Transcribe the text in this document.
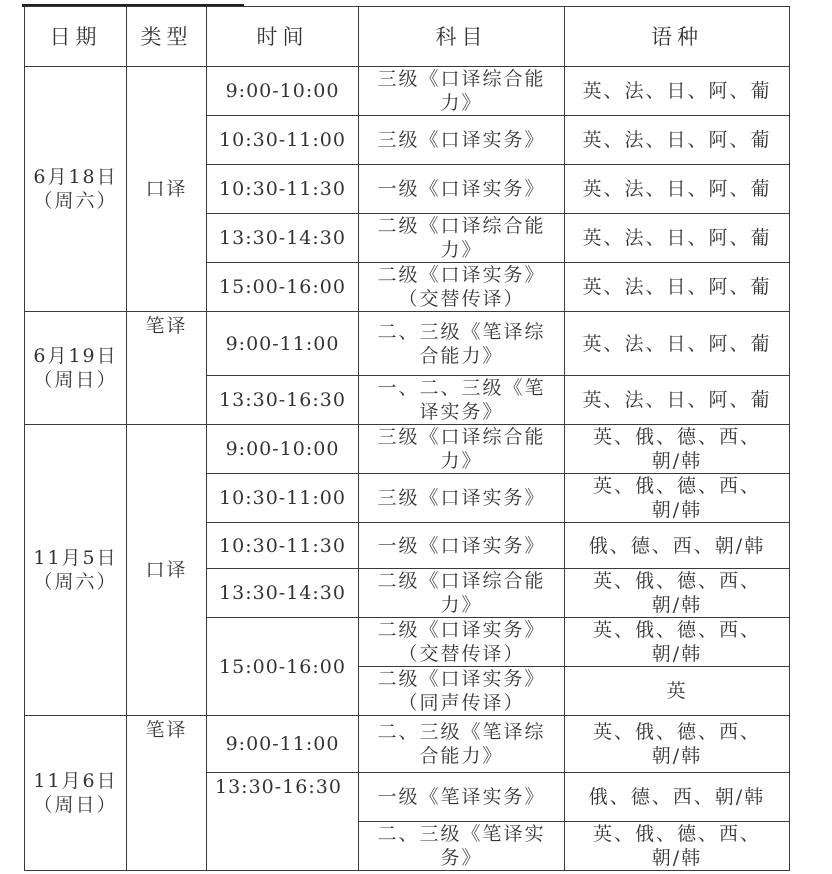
日期	类型	时间	科目	语种

6月18日
（周六）	口译	9:00-10:00	三级《口译综合能力》	英、法、日、阿、葡
		10:30-11:00	三级《口译实务》	英、法、日、阿、葡
		10:30-11:30	一级《口译实务》	英、法、日、阿、葡
		13:30-14:30	二级《口译综合能力》	英、法、日、阿、葡
		15:00-16:00	二级《口译实务》（交替传译）	英、法、日、阿、葡

6月19日
（周日）	笔译	9:00-11:00	二、三级《笔译综合能力》	英、法、日、阿、葡
		13:30-16:30	一、二、三级《笔译实务》	英、法、日、阿、葡

11月5日
（周六）	口译	9:00-10:00	三级《口译综合能力》	英、俄、德、西、朝/韩
		10:30-11:00	三级《口译实务》	英、俄、德、西、朝/韩
		10:30-11:30	一级《口译实务》	俄、德、西、朝/韩
		13:30-14:30	二级《口译综合能力》	英、俄、德、西、朝/韩
		15:00-16:00	二级《口译实务》（交替传译）	英、俄、德、西、朝/韩
			二级《口译实务》（同声传译）	英

11月6日
（周日）	笔译	9:00-11:00	二、三级《笔译综合能力》	英、俄、德、西、朝/韩

		13:30-16:30	一级《笔译实务》	俄、德、西、朝/韩
			二、三级《笔译实务》	英、俄、德、西、朝/韩
